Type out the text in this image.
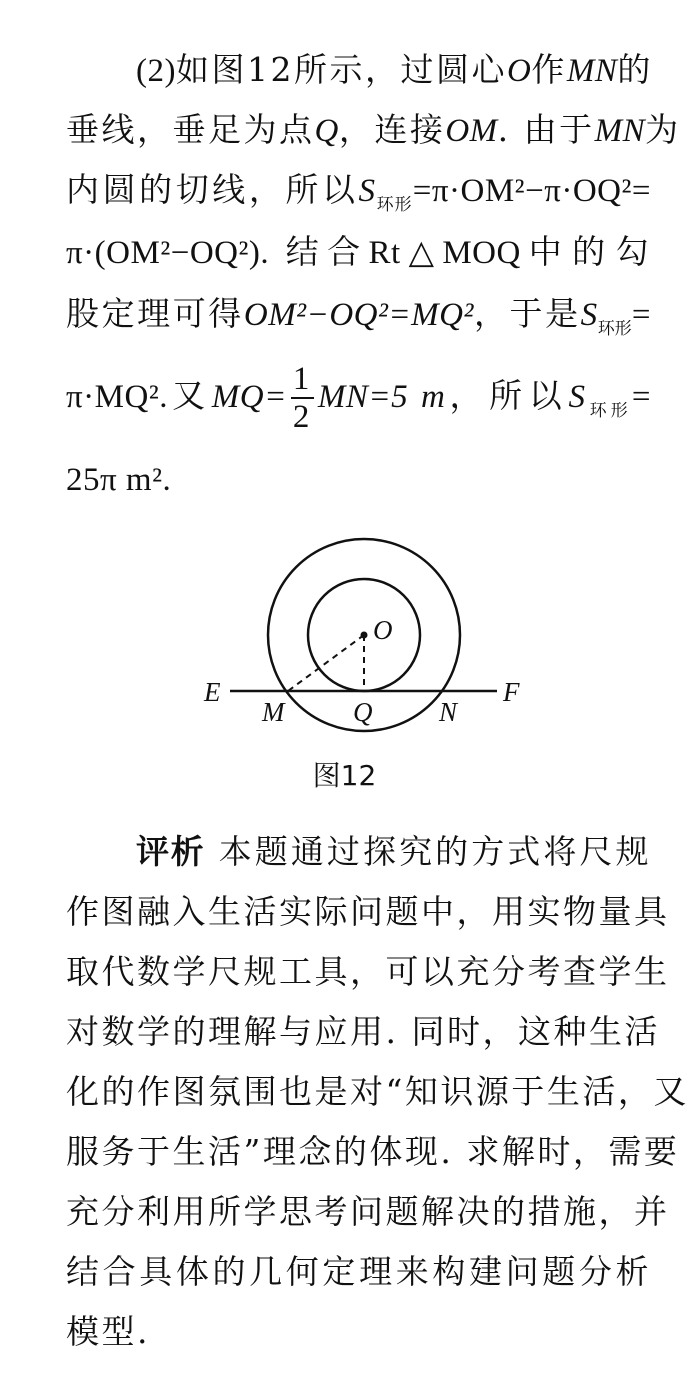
(2)如图12所示，过圆心O作MN的
垂线，垂足为点Q，连接OM. 由于MN为
内圆的切线，所以$S_{环形}=\pi\cdot OM^2-\pi\cdot OQ^2=$
π·(OM²−OQ²). 结合Rt△MOQ中的勾
股定理可得OM²−OQ²=MQ²，于是$S_{环形}=$
π·MQ².又$MQ= \frac{1}{2} MN=5$ m，所以$S_{环形}=$
25π m².
O
E	F
M	Q N
图12
评析 本题通过探究的方式将尺规
作图融入生活实际问题中，用实物量具
取代数学尺规工具，可以充分考查学生
对数学的理解与应用. 同时，这种生活
化的作图氛围也是对“知识源于生活，又
服务于生活”理念的体现. 求解时，需要
充分利用所学思考问题解决的措施，并
结合具体的几何定理来构建问题分析
模型.
